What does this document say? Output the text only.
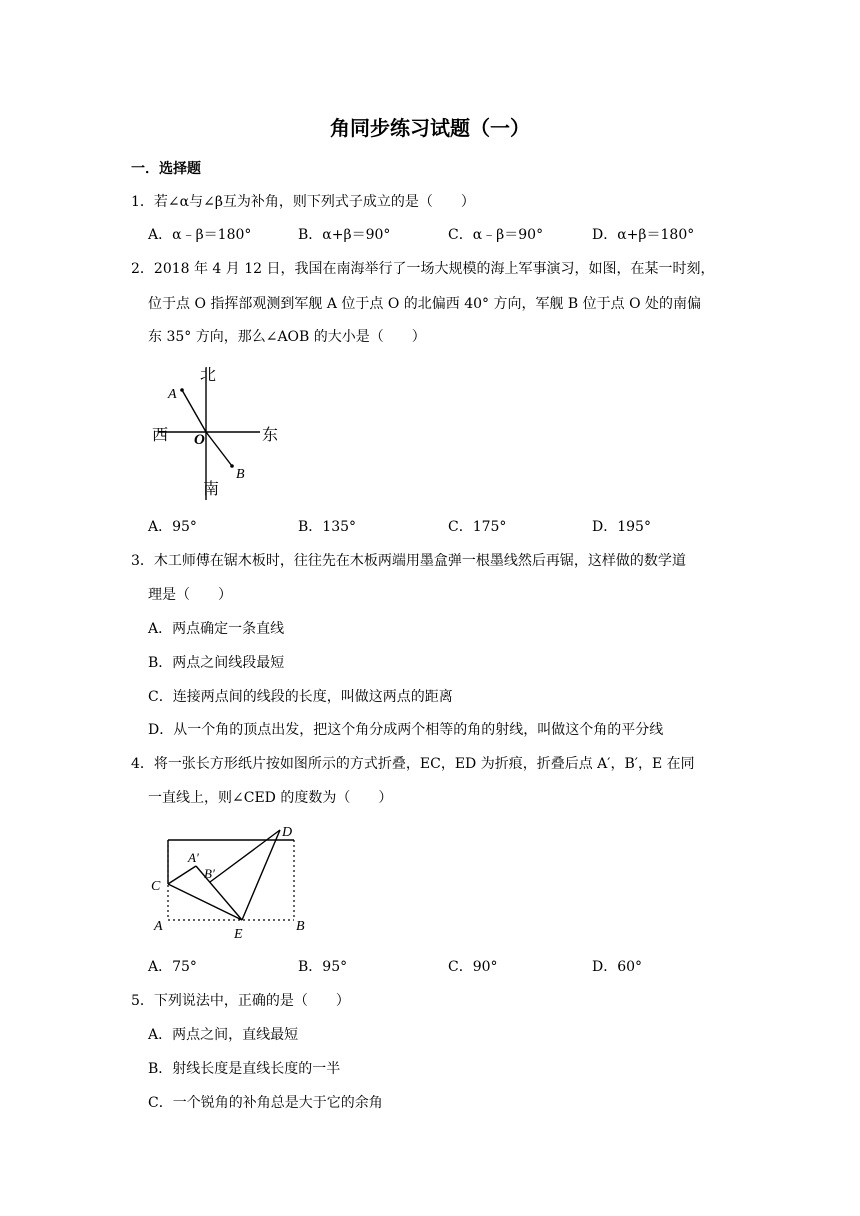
角同步练习试题（一）
一．选择题
1．若∠α与∠β互为补角，则下列式子成立的是（　　）
A．α﹣β＝180°	B．α+β＝90°	C．α﹣β＝90°	D．α+β＝180°
2．2018 年 4 月 12 日，我国在南海举行了一场大规模的海上军事演习，如图，在某一时刻，
位于点 O 指挥部观测到军舰 A 位于点 O 的北偏西 40° 方向，军舰 B 位于点 O 处的南偏
东 35° 方向，那么∠AOB 的大小是（　　）
北
南
西	东
O
A
B
A．95°	B．135°	C．175°	D．195°
3．木工师傅在锯木板时，往往先在木板两端用墨盒弹一根墨线然后再锯，这样做的数学道
理是（　　）
A．两点确定一条直线
B．两点之间线段最短
C．连接两点间的线段的长度，叫做这两点的距离
D．从一个角的顶点出发，把这个角分成两个相等的角的射线，叫做这个角的平分线
4．将一张长方形纸片按如图所示的方式折叠，EC，ED 为折痕，折叠后点 A′，B′，E 在同
一直线上，则∠CED 的度数为（　　）
D
A′
B′
C
A
E
B
A．75°	B．95°	C．90°	D．60°
5．下列说法中，正确的是（　　）
A．两点之间，直线最短
B．射线长度是直线长度的一半
C．一个锐角的补角总是大于它的余角
